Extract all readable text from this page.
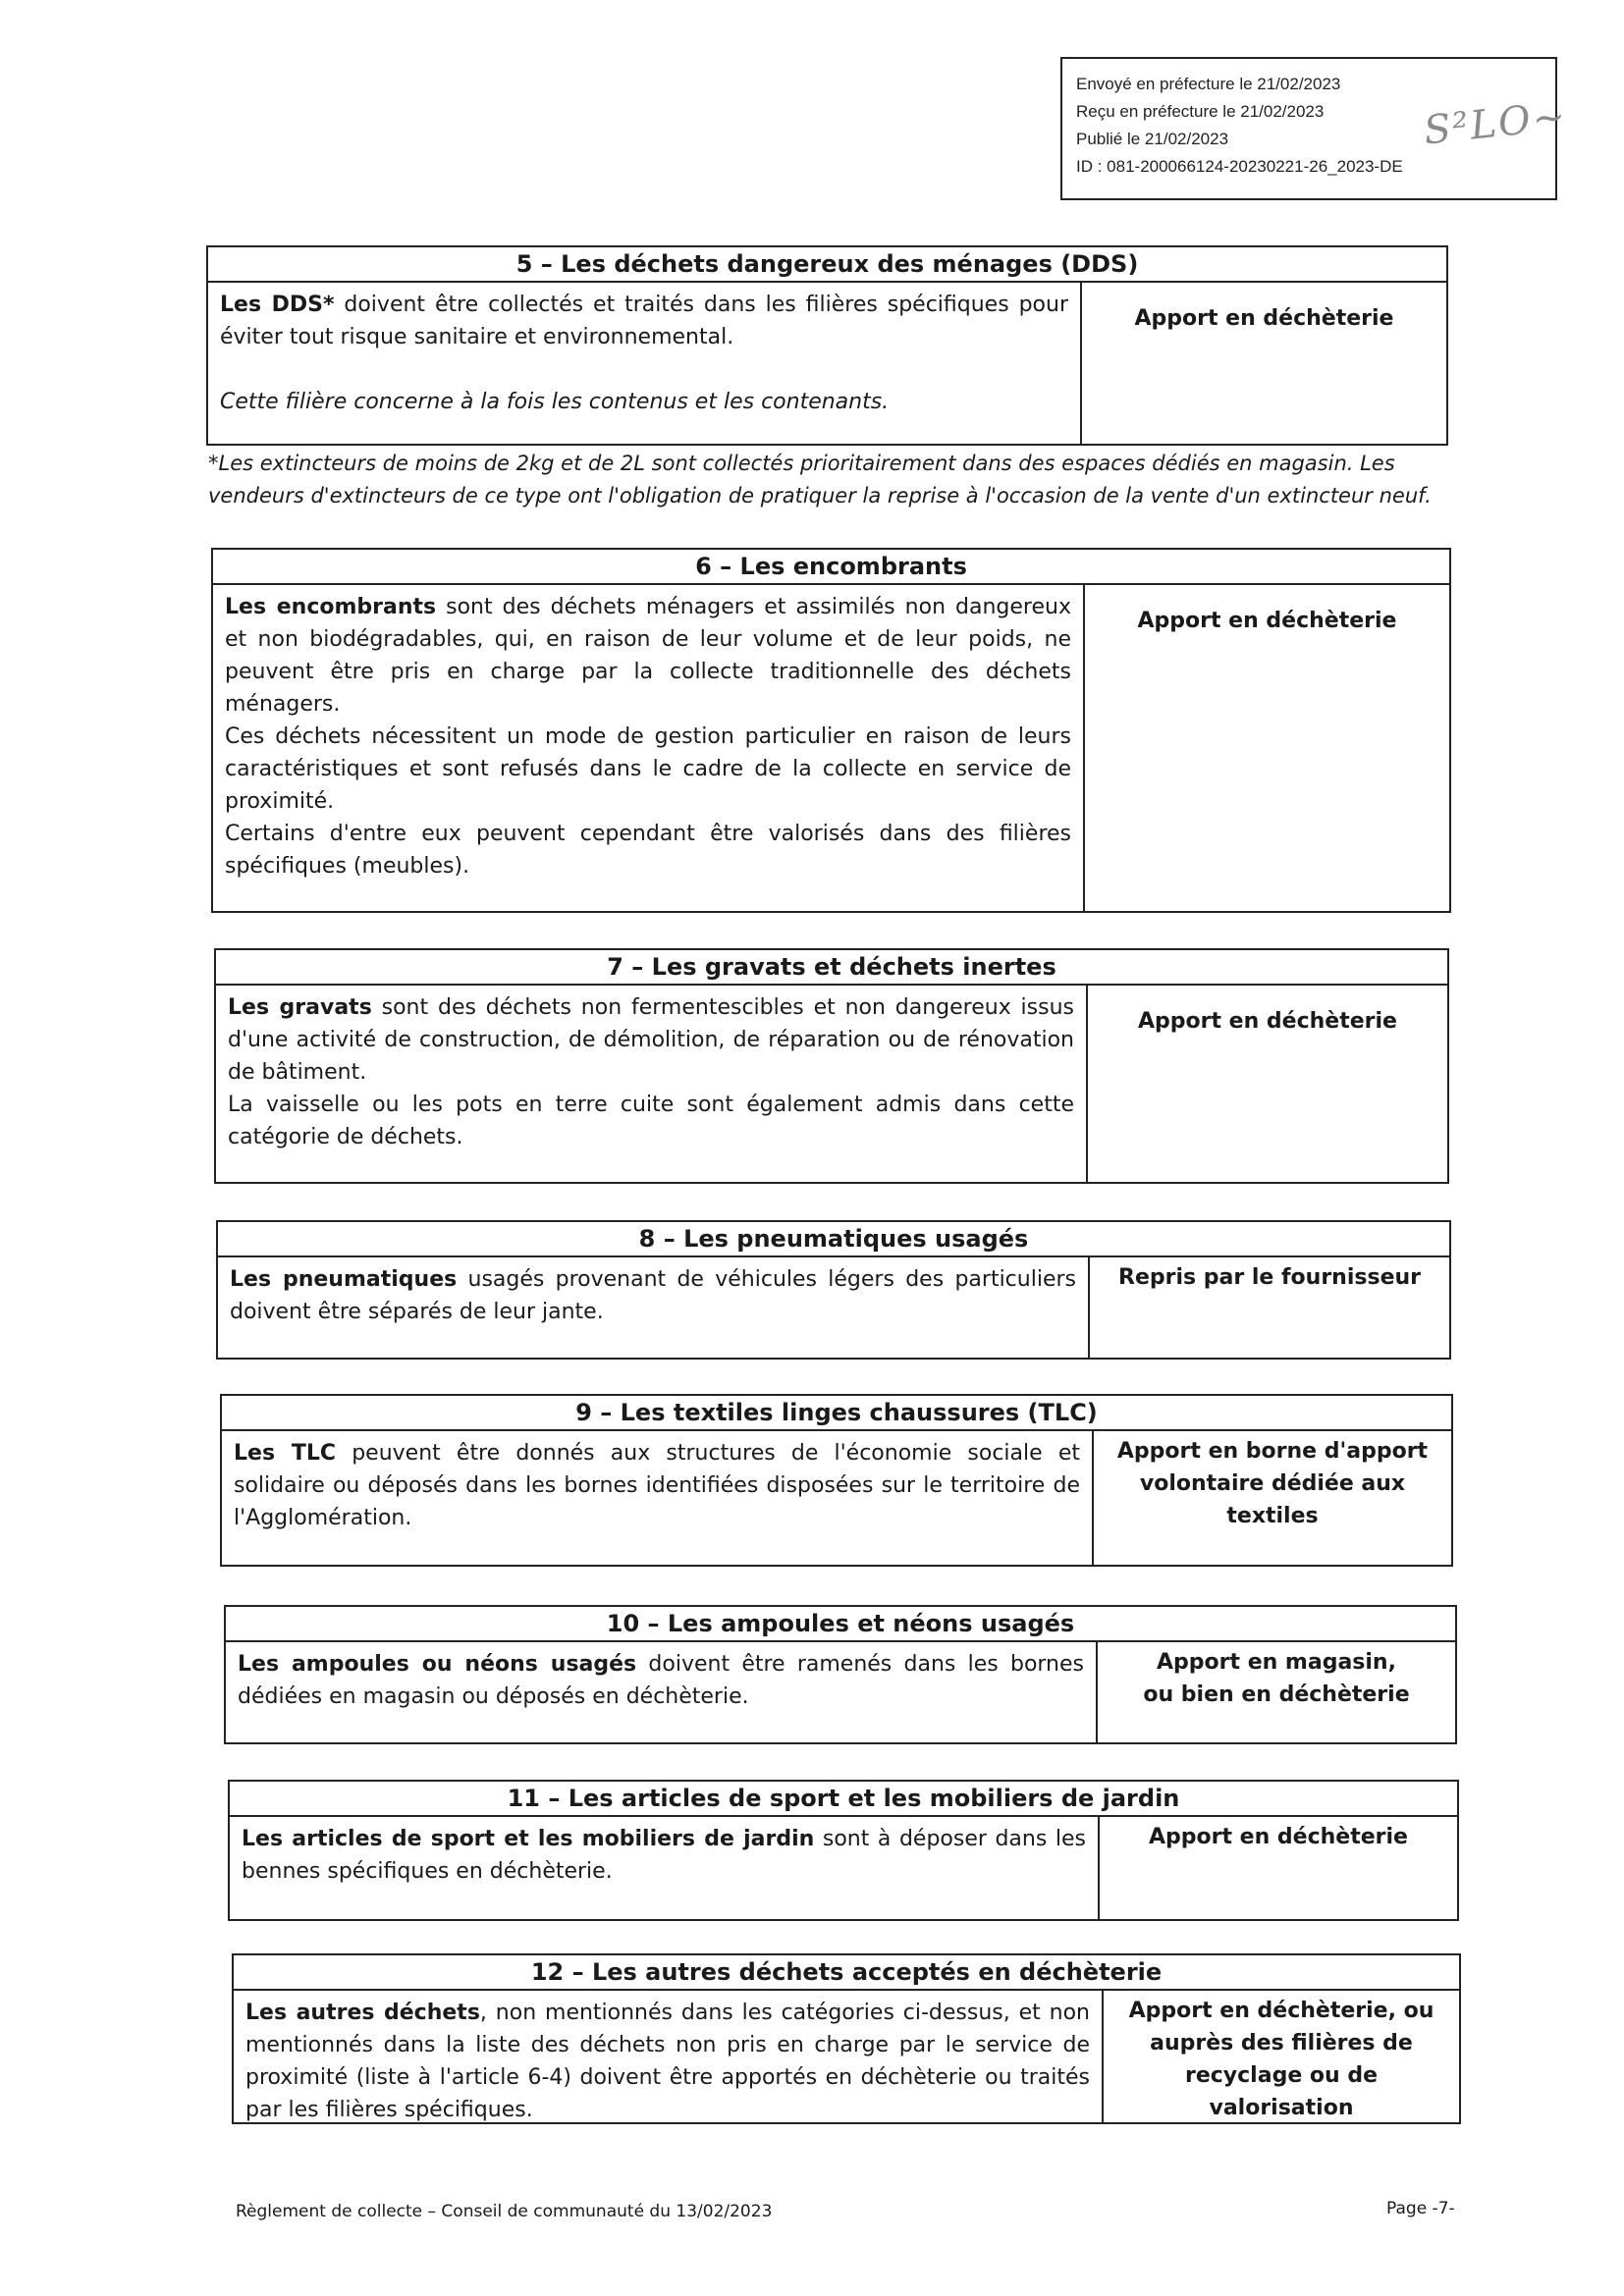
Envoyé en préfecture le 21/02/2023
Reçu en préfecture le 21/02/2023
Publié le 21/02/2023
ID : 081-200066124-20230221-26_2023-DE
S²LO~
5 – Les déchets dangereux des ménages (DDS)

Les DDS* doivent être collectés et traités dans les filières spécifiques pour éviter tout risque sanitaire et environnemental.

Cette filière concerne à la fois les contenus et les contenants.

Apport en déchèterie
*Les extincteurs de moins de 2kg et de 2L sont collectés prioritairement dans des espaces dédiés en magasin. Les vendeurs d'extincteurs de ce type ont l'obligation de pratiquer la reprise à l'occasion de la vente d'un extincteur neuf.
6 – Les encombrants

Les encombrants sont des déchets ménagers et assimilés non dangereux et non biodégradables, qui, en raison de leur volume et de leur poids, ne peuvent être pris en charge par la collecte traditionnelle des déchets ménagers.

Ces déchets nécessitent un mode de gestion particulier en raison de leurs caractéristiques et sont refusés dans le cadre de la collecte en service de proximité.

Certains d'entre eux peuvent cependant être valorisés dans des filières spécifiques (meubles).

Apport en déchèterie
7 – Les gravats et déchets inertes

Les gravats sont des déchets non fermentescibles et non dangereux issus d'une activité de construction, de démolition, de réparation ou de rénovation de bâtiment.

La vaisselle ou les pots en terre cuite sont également admis dans cette catégorie de déchets.

Apport en déchèterie
8 – Les pneumatiques usagés

Les pneumatiques usagés provenant de véhicules légers des particuliers doivent être séparés de leur jante.

Repris par le fournisseur
9 – Les textiles linges chaussures (TLC)

Les TLC peuvent être donnés aux structures de l'économie sociale et solidaire ou déposés dans les bornes identifiées disposées sur le territoire de l'Agglomération.

Apport en borne d'apport
volontaire dédiée aux
textiles
10 – Les ampoules et néons usagés

Les ampoules ou néons usagés doivent être ramenés dans les bornes dédiées en magasin ou déposés en déchèterie.

Apport en magasin,
ou bien en déchèterie
11 – Les articles de sport et les mobiliers de jardin

Les articles de sport et les mobiliers de jardin sont à déposer dans les bennes spécifiques en déchèterie.

Apport en déchèterie
12 – Les autres déchets acceptés en déchèterie

Les autres déchets, non mentionnés dans les catégories ci-dessus, et non mentionnés dans la liste des déchets non pris en charge par le service de proximité (liste à l'article 6-4) doivent être apportés en déchèterie ou traités par les filières spécifiques.

Apport en déchèterie, ou
auprès des filières de
recyclage ou de valorisation
Règlement de collecte – Conseil de communauté du 13/02/2023	Page -7-
